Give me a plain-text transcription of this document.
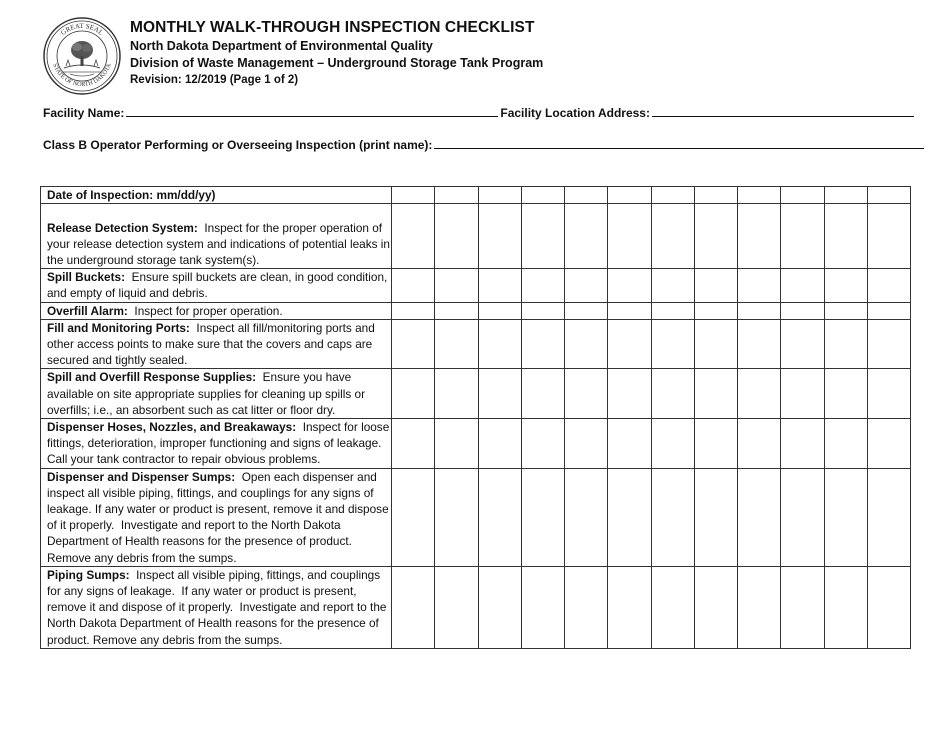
GREAT SEAL
STATE OF NORTH DAKOTA
MONTHLY WALK-THROUGH INSPECTION CHECKLIST
North Dakota Department of Environmental Quality
Division of Waste Management – Underground Storage Tank Program
Revision: 12/2019 (Page 1 of 2)
Facility Name:	Facility Location Address:
Class B Operator Performing or Overseeing Inspection (print name):
Date of Inspection: mm/dd/yy)												
Release Detection System:  Inspect for the proper operation of your release detection system and indications of potential leaks in the underground storage tank system(s).												
Spill Buckets:  Ensure spill buckets are clean, in good condition, and empty of liquid and debris.												
Overfill Alarm:  Inspect for proper operation.												
Fill and Monitoring Ports:  Inspect all fill/monitoring ports and other access points to make sure that the covers and caps are secured and tightly sealed.												
Spill and Overfill Response Supplies:  Ensure you have available on site appropriate supplies for cleaning up spills or overfills; i.e., an absorbent such as cat litter or floor dry.												
Dispenser Hoses, Nozzles, and Breakaways:  Inspect for loose fittings, deterioration, improper functioning and signs of leakage.  Call your tank contractor to repair obvious problems.												
Dispenser and Dispenser Sumps:  Open each dispenser and inspect all visible piping, fittings, and couplings for any signs of leakage. If any water or product is present, remove it and dispose of it properly.  Investigate and report to the North Dakota Department of Health reasons for the presence of product.  Remove any debris from the sumps.												
Piping Sumps:  Inspect all visible piping, fittings, and couplings for any signs of leakage.  If any water or product is present, remove it and dispose of it properly.  Investigate and report to the North Dakota Department of Health reasons for the presence of product. Remove any debris from the sumps.												
